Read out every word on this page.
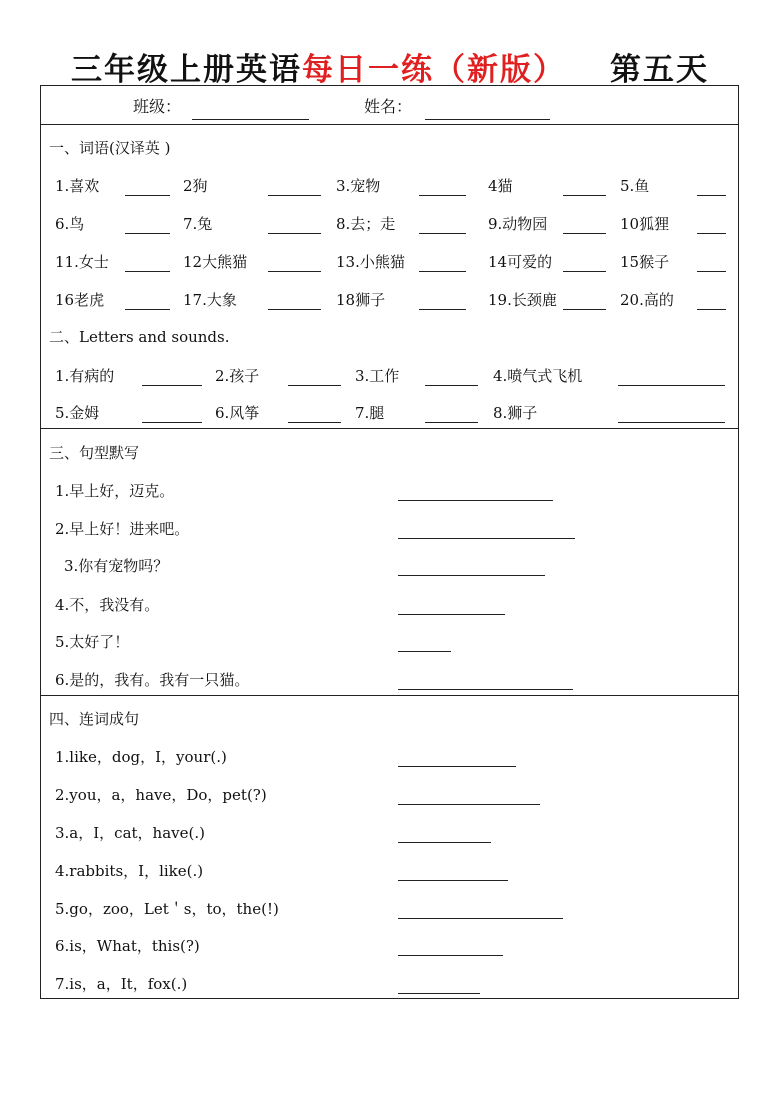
三年级上册英语每日一练（新版） 第五天
班级：	姓名：
一、词语(汉译英 )
1.喜欢	2狗	3.宠物	4猫	5.鱼
6.鸟	7.兔	8.去；走	9.动物园	10狐狸
11.女士	12大熊猫	13.小熊猫	14可爱的	15猴子
16老虎	17.大象	18狮子	19.长颈鹿	20.高的
二、Letters and sounds.
1.有病的	2.孩子	3.工作	4.喷气式飞机
5.金姆	6.风筝	7.腿	8.狮子
三、句型默写
1.早上好，迈克。
2.早上好！进来吧。
3.你有宠物吗？
4.不，我没有。
5.太好了！
6.是的，我有。我有一只猫。
四、连词成句
1.like，dog，I，your(.)
2.you，a，have，Do，pet(?)
3.a，I，cat，have(.)
4.rabbits，I，like(.)
5.go，zoo，Let＇s，to，the(!)
6.is，What，this(?)
7.is，a，It，fox(.)
